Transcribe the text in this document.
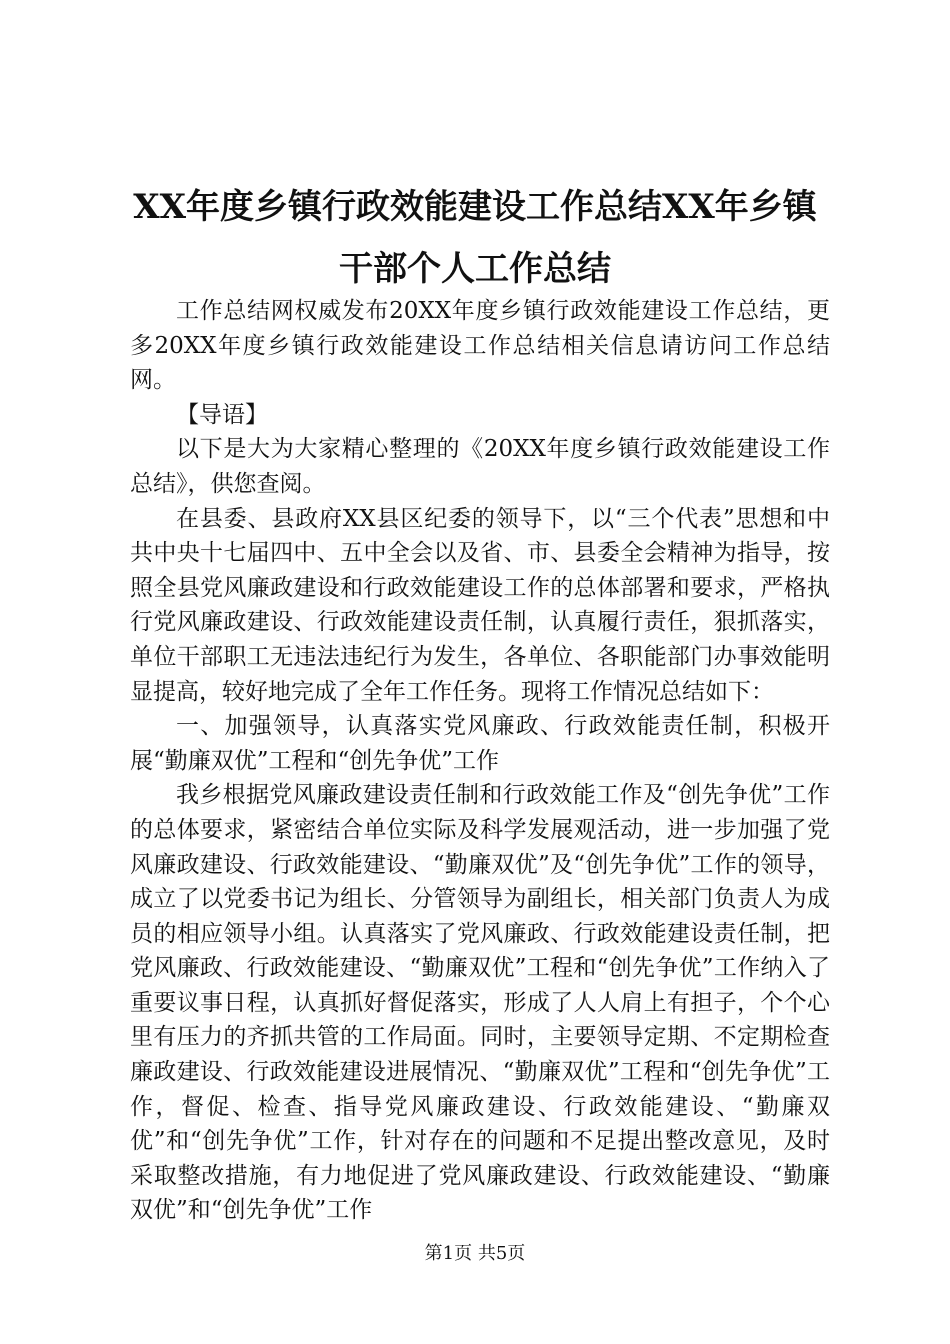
XX年度乡镇行政效能建设工作总结XX年乡镇
干部个人工作总结

工作总结网权威发布20XX年度乡镇行政效能建设工作总结，更多20XX年度乡镇行政效能建设工作总结相关信息请访问工作总结网。

【导语】

以下是大为大家精心整理的《20XX年度乡镇行政效能建设工作总结》，供您查阅。

在县委、县政府XX县区纪委的领导下，以“三个代表”思想和中共中央十七届四中、五中全会以及省、市、县委全会精神为指导，按照全县党风廉政建设和行政效能建设工作的总体部署和要求，严格执行党风廉政建设、行政效能建设责任制，认真履行责任，狠抓落实，单位干部职工无违法违纪行为发生，各单位、各职能部门办事效能明显提高，较好地完成了全年工作任务。现将工作情况总结如下：

一、加强领导，认真落实党风廉政、行政效能责任制，积极开展“勤廉双优”工程和“创先争优”工作

我乡根据党风廉政建设责任制和行政效能工作及“创先争优”工作的总体要求，紧密结合单位实际及科学发展观活动，进一步加强了党风廉政建设、行政效能建设、“勤廉双优”及“创先争优”工作的领导，成立了以党委书记为组长、分管领导为副组长，相关部门负责人为成员的相应领导小组。认真落实了党风廉政、行政效能建设责任制，把党风廉政、行政效能建设、“勤廉双优”工程和“创先争优”工作纳入了重要议事日程，认真抓好督促落实，形成了人人肩上有担子，个个心里有压力的齐抓共管的工作局面。同时，主要领导定期、不定期检查廉政建设、行政效能建设进展情况、“勤廉双优”工程和“创先争优”工作，督促、检查、指导党风廉政建设、行政效能建设、“勤廉双优”和“创先争优”工作，针对存在的问题和不足提出整改意见，及时采取整改措施，有力地促进了党风廉政建设、行政效能建设、“勤廉双优”和“创先争优”工作

第1页 共5页
